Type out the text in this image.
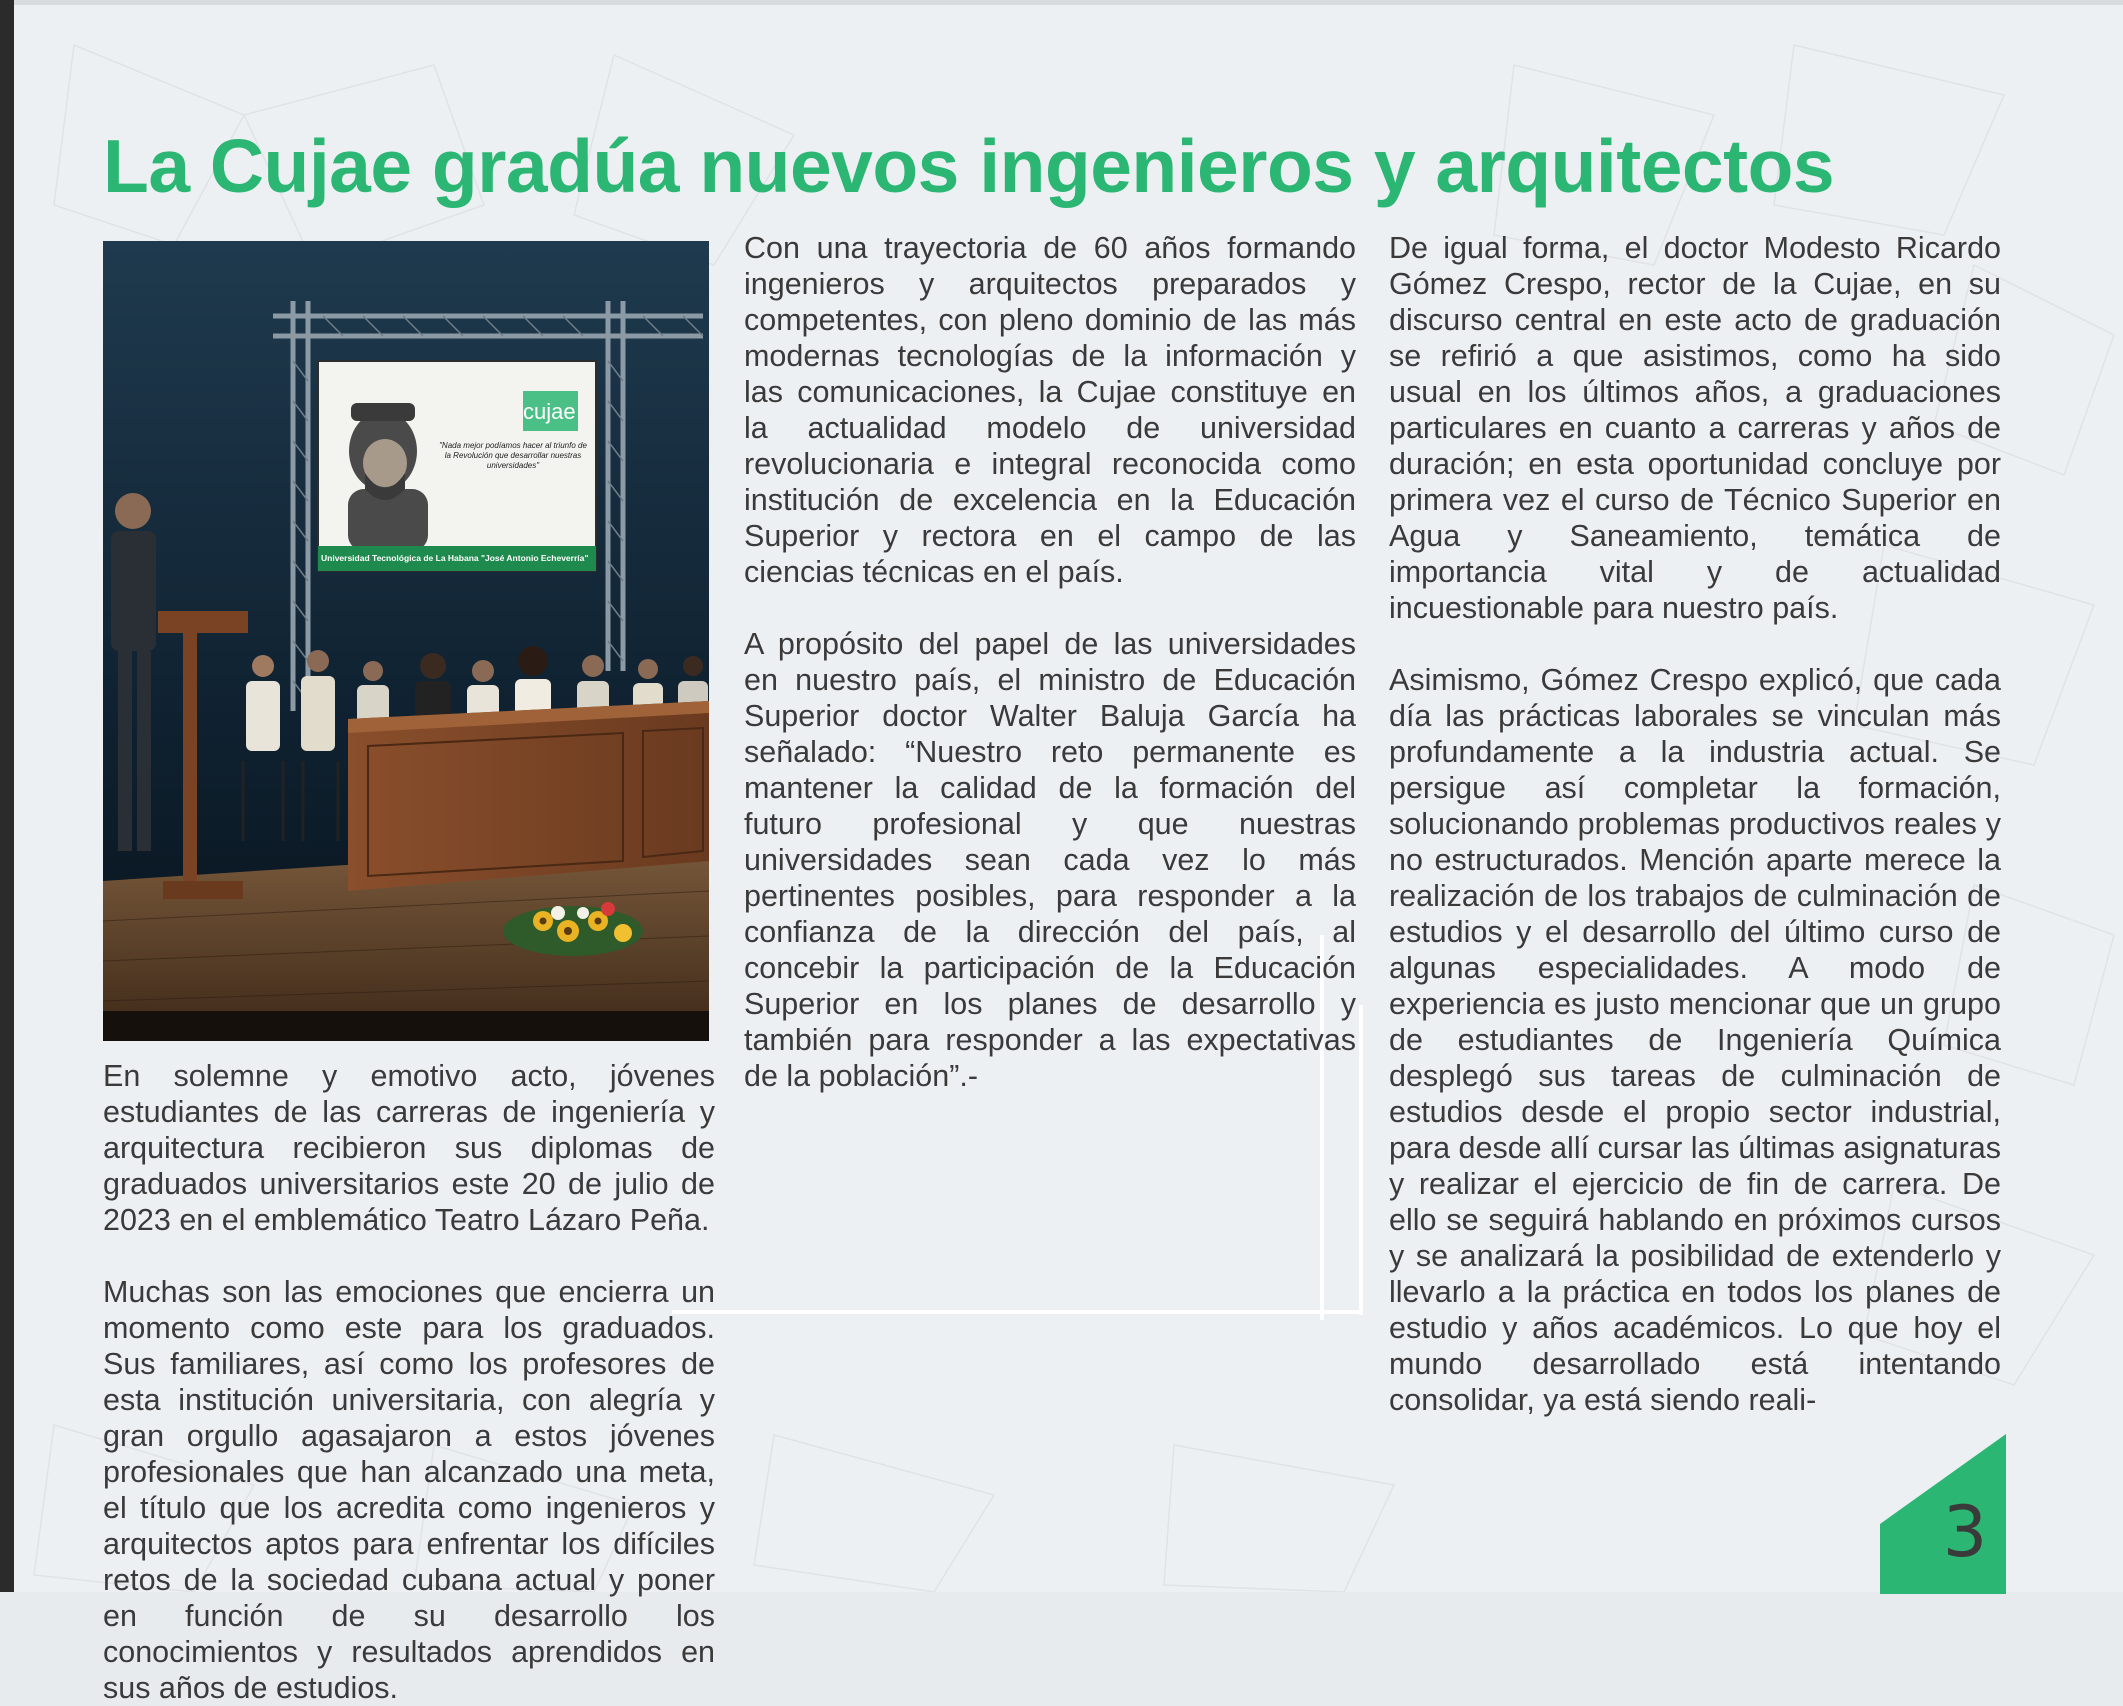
La Cujae gradúa nuevos ingenieros y arquitectos
cujae
"Nada mejor podíamos hacer al triunfo de la Revolución que desarrollar nuestras universidades"
Universidad Tecnológica de La Habana "José Antonio Echeverría"

En solemne y emotivo acto, jóvenes estudiantes de las carreras de ingeniería y arquitectura recibieron sus diplomas de graduados universitarios este 20 de julio de 2023 en el emblemático Teatro Lázaro Peña.

Muchas son las emociones que encierra un momento como este para los graduados. Sus familiares, así como los profesores de esta institución universitaria, con alegría y gran orgullo agasajaron a estos jóvenes profesionales que han alcanzado una meta, el título que los acredita como ingenieros y arquitectos aptos para enfrentar los difíciles retos de la sociedad cubana actual y poner en función de su desarrollo los conocimientos y resultados aprendidos en sus años de estudios.

Con una trayectoria de 60 años formando ingenieros y arquitectos preparados y competentes, con pleno dominio de las más modernas tecnologías de la información y las comunicaciones, la Cujae constituye en la actualidad modelo de universidad revolucionaria e integral reconocida como institución de excelencia en la Educación Superior y rectora en el campo de las ciencias técnicas en el país.

A propósito del papel de las universidades en nuestro país, el ministro de Educación Superior doctor Walter Baluja García ha señalado: “Nuestro reto permanente es mantener la calidad de la formación del futuro profesional y que nuestras universidades sean cada vez lo más pertinentes posibles, para responder a la confianza de la dirección del país, al concebir la participación de la Educación Superior en los planes de desarrollo y también para responder a las expectativas de la población”.-

De igual forma, el doctor Modesto Ricardo Gómez Crespo, rector de la Cujae, en su discurso central en este acto de graduación se refirió a que asistimos, como ha sido usual en los últimos años, a graduaciones particulares en cuanto a carreras y años de duración; en esta oportunidad concluye por primera vez el curso de Técnico Superior en Agua y Saneamiento, temática de importancia vital y de actualidad incuestionable para nuestro país.

Asimismo, Gómez Crespo explicó, que cada día las prácticas laborales se vinculan más profundamente a la industria actual. Se persigue así completar la formación, solucionando problemas productivos reales y no estructurados. Mención aparte merece la realización de los trabajos de culminación de estudios y el desarrollo del último curso de algunas especialidades. A modo de experiencia es justo mencionar que un grupo de estudiantes de Ingeniería Química desplegó sus tareas de culminación de estudios desde el propio sector industrial, para desde allí cursar las últimas asignaturas y realizar el ejercicio de fin de carrera. De ello se seguirá hablando en próximos cursos y se analizará la posibilidad de extenderlo y llevarlo a la práctica en todos los planes de estudio y años académicos. Lo que hoy el mundo desarrollado está intentando consolidar, ya está siendo reali-

3
